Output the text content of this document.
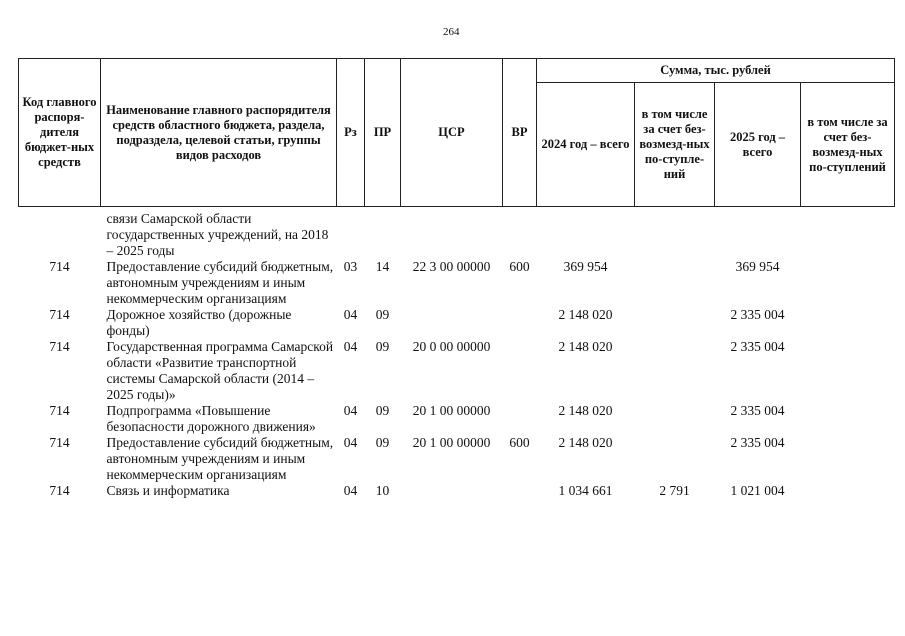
264
Код главного распоря-дителя бюджет-ных средств	Наименование главного распорядителя средств областного бюджета, раздела, подраздела, целевой статьи, группы видов расходов	Рз	ПР	ЦСР	ВР	Сумма, тыс. рублей			
						2024 год – всего	в том числе за счет без-возмезд-ных по-ступле-ний	2025 год – всего	в том числе за счет без-возмезд-ных по-ступлений
	связи Самарской области государственных учреждений, на 2018 – 2025 годы								
714	Предоставление субсидий бюджетным, автономным учреждениям и иным некоммерческим организациям	03	14	22 3 00 00000	600	369 954		369 954	
714	Дорожное хозяйство (дорожные фонды)	04	09			2 148 020		2 335 004	
714	Государственная программа Самарской области «Развитие транспортной системы Самарской области (2014 – 2025 годы)»	04	09	20 0 00 00000		2 148 020		2 335 004	
714	Подпрограмма «Повышение безопасности дорожного движения»	04	09	20 1 00 00000		2 148 020		2 335 004	
714	Предоставление субсидий бюджетным, автономным учреждениям и иным некоммерческим организациям	04	09	20 1 00 00000	600	2 148 020		2 335 004	
714	Связь и информатика	04	10			1 034 661	2 791	1 021 004	
